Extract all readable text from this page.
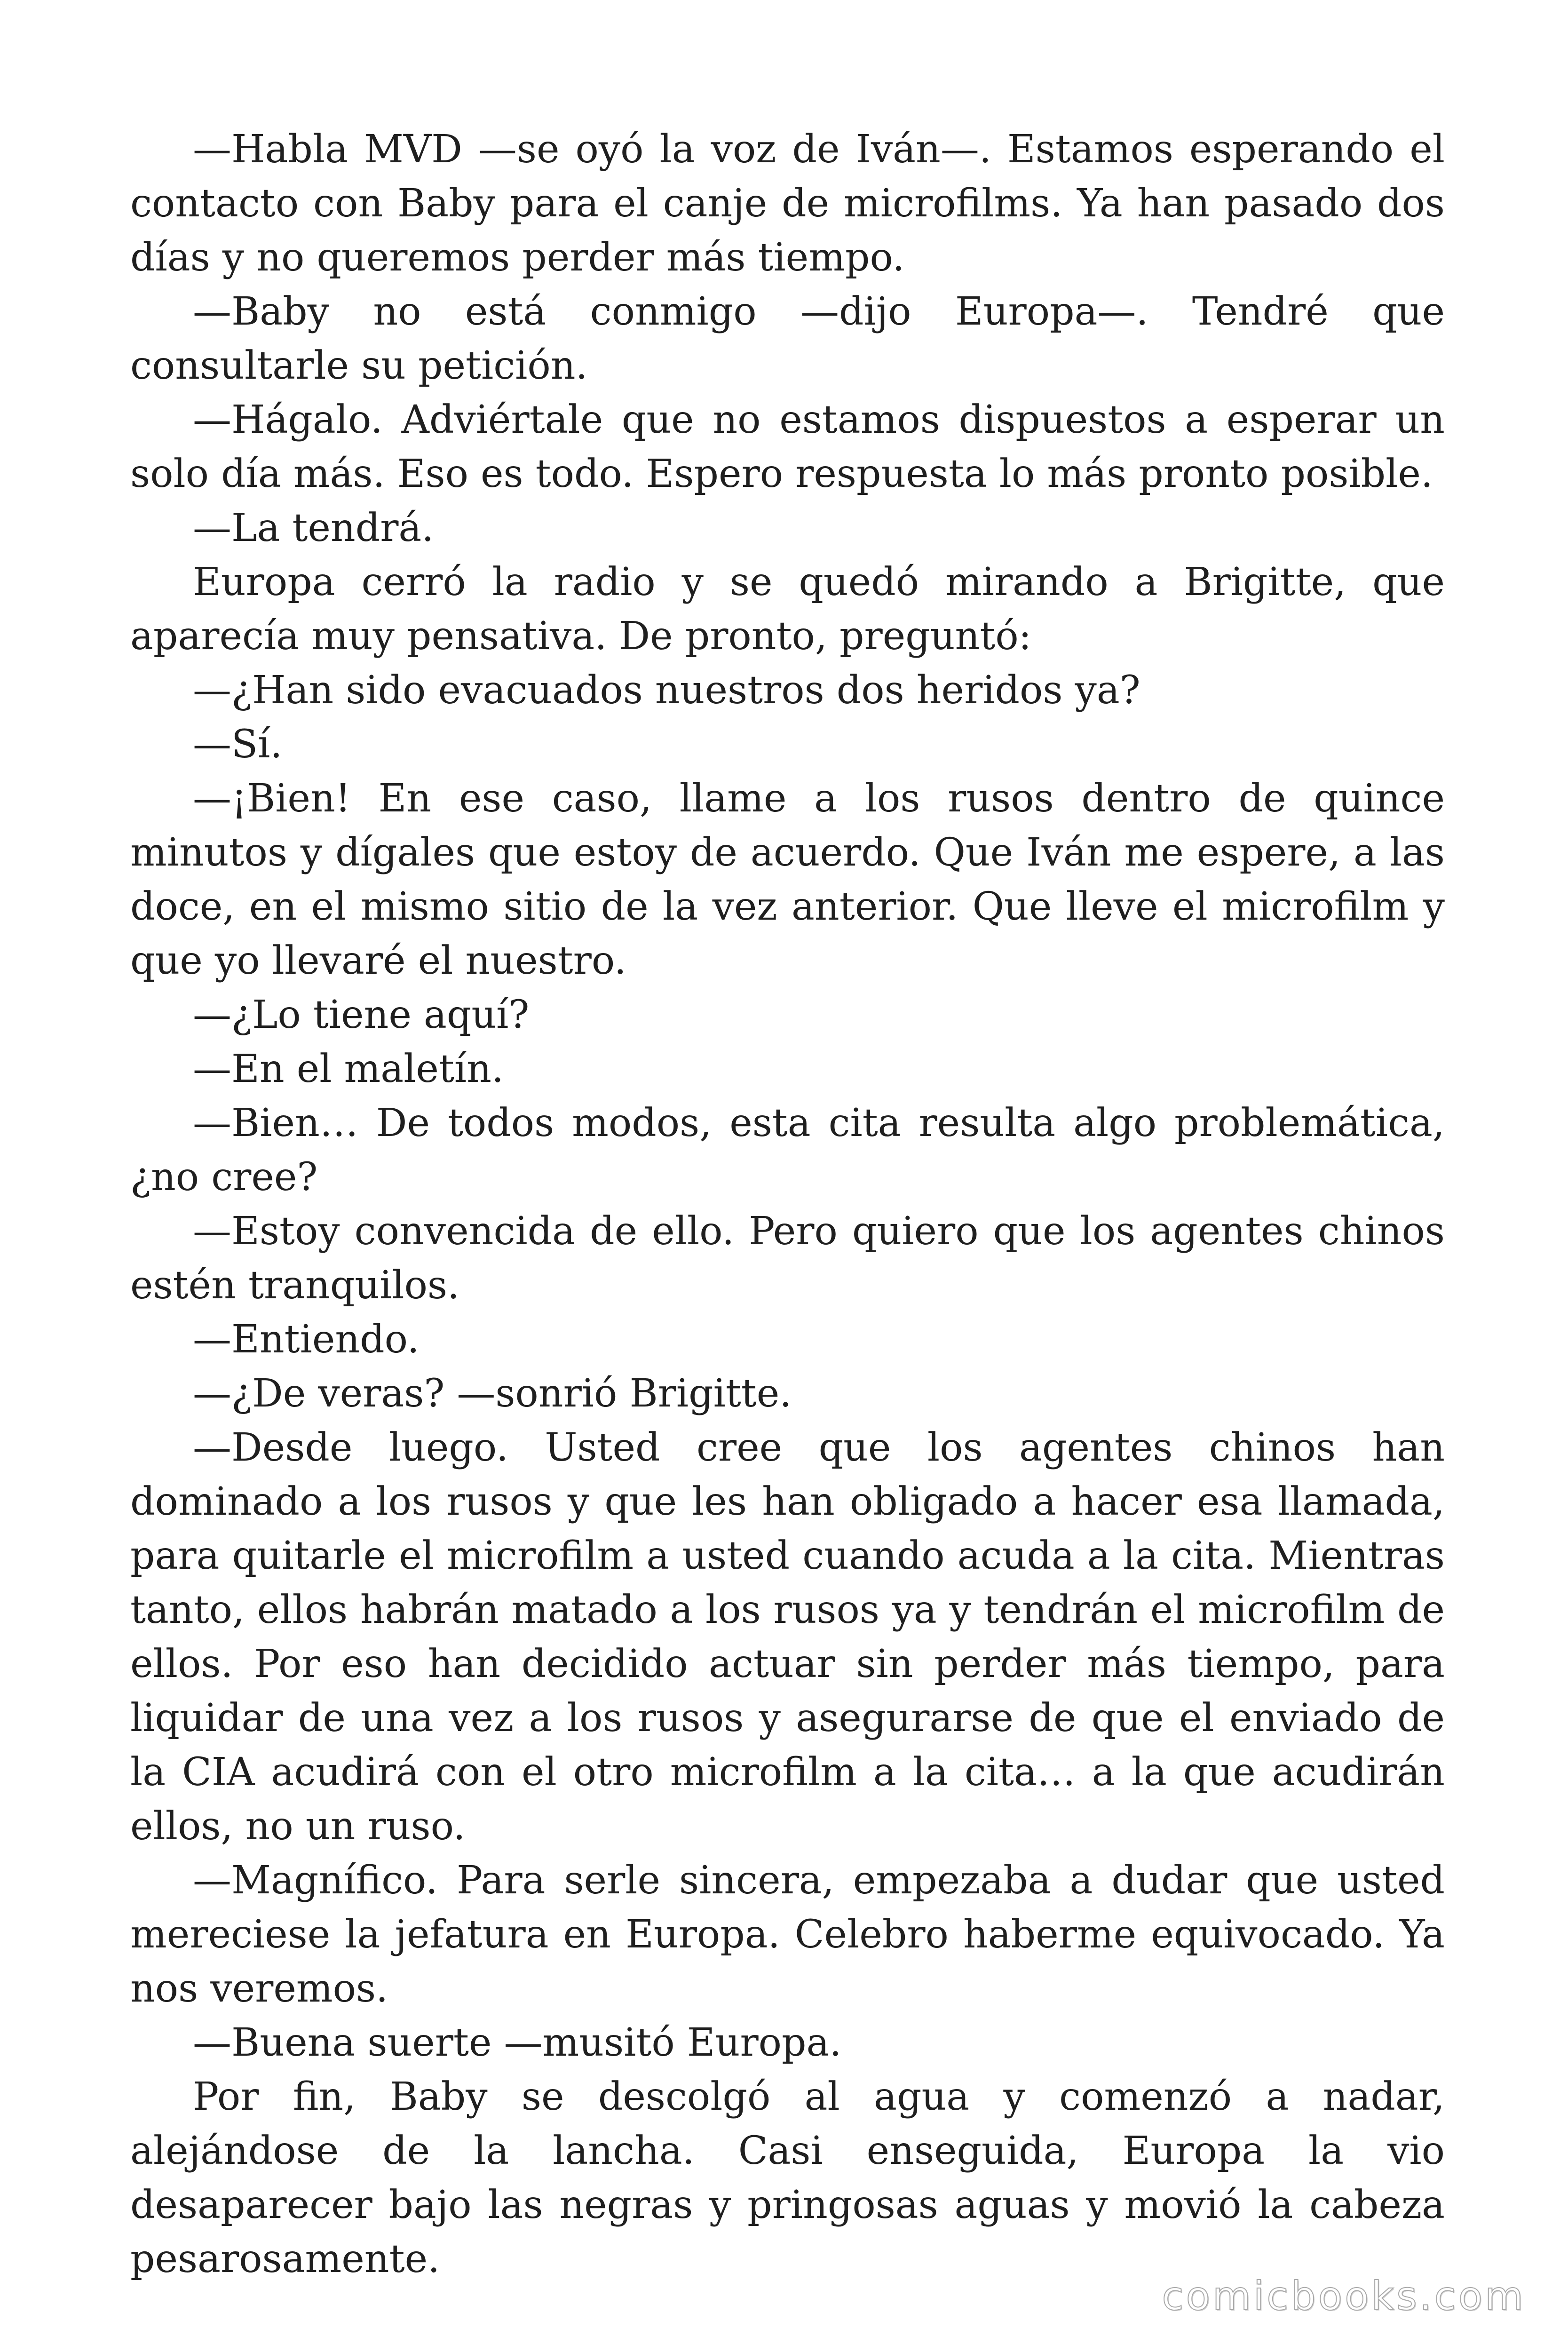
—Habla MVD —se oyó la voz de Iván—. Estamos esperando el contacto con Baby para el canje de microfilms. Ya han pasado dos días y no queremos perder más tiempo.

—Baby no está conmigo —dijo Europa—. Tendré que consultarle su petición.

—Hágalo. Adviértale que no estamos dispuestos a esperar un solo día más. Eso es todo. Espero respuesta lo más pronto posible.

—La tendrá.

Europa cerró la radio y se quedó mirando a Brigitte, que aparecía muy pensativa. De pronto, preguntó:

—¿Han sido evacuados nuestros dos heridos ya?

—Sí.

—¡Bien! En ese caso, llame a los rusos dentro de quince minutos y dígales que estoy de acuerdo. Que Iván me espere, a las doce, en el mismo sitio de la vez anterior. Que lleve el microfilm y que yo llevaré el nuestro.

—¿Lo tiene aquí?

—En el maletín.

—Bien… De todos modos, esta cita resulta algo problemática, ¿no cree?

—Estoy convencida de ello. Pero quiero que los agentes chinos estén tranquilos.

—Entiendo.

—¿De veras? —sonrió Brigitte.

—Desde luego. Usted cree que los agentes chinos han dominado a los rusos y que les han obligado a hacer esa llamada, para quitarle el microfilm a usted cuando acuda a la cita. Mientras tanto, ellos habrán matado a los rusos ya y tendrán el microfilm de ellos. Por eso han decidido actuar sin perder más tiempo, para liquidar de una vez a los rusos y asegurarse de que el enviado de la CIA acudirá con el otro microfilm a la cita… a la que acudirán ellos, no un ruso.

—Magnífico. Para serle sincera, empezaba a dudar que usted mereciese la jefatura en Europa. Celebro haberme equivocado. Ya nos veremos.

—Buena suerte —musitó Europa.

Por fin, Baby se descolgó al agua y comenzó a nadar, alejándose de la lancha. Casi enseguida, Europa la vio desaparecer bajo las negras y pringosas aguas y movió la cabeza pesarosamente.

comicbooks.com
